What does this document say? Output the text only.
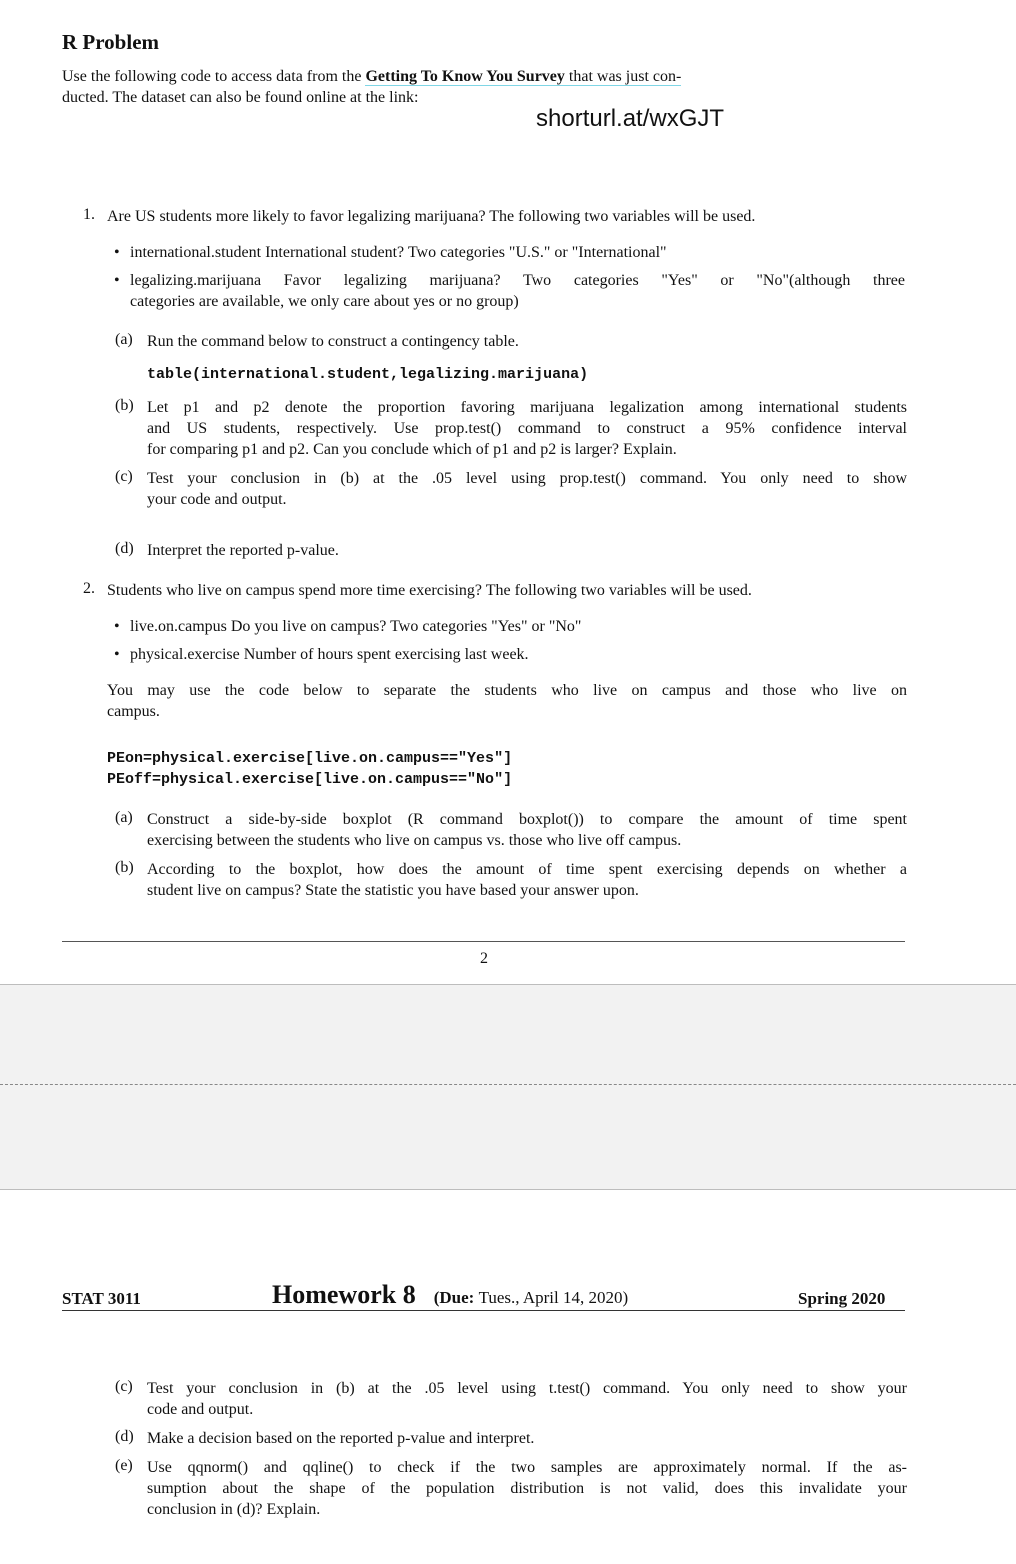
R Problem
Use the following code to access data from the Getting To Know You Survey that was just con-
ducted. The dataset can also be found online at the link:
shorturl.at/wxGJT
1. Are US students more likely to favor legalizing marijuana? The following two variables will be used.
• international.student International student? Two categories "U.S." or "International"
• legalizing.marijuana Favor legalizing marijuana? Two categories "Yes" or "No"(although three
categories are available, we only care about yes or no group)
(a) Run the command below to construct a contingency table.
table(international.student,legalizing.marijuana)
(b) Let p1 and p2 denote the proportion favoring marijuana legalization among international students
and US students, respectively. Use prop.test() command to construct a 95% confidence interval
for comparing p1 and p2. Can you conclude which of p1 and p2 is larger? Explain.
(c) Test your conclusion in (b) at the .05 level using prop.test() command. You only need to show
your code and output.
(d) Interpret the reported p-value.
2. Students who live on campus spend more time exercising? The following two variables will be used.
• live.on.campus Do you live on campus? Two categories "Yes" or "No"
• physical.exercise Number of hours spent exercising last week.
You may use the code below to separate the students who live on campus and those who live on
campus.
PEon=physical.exercise[live.on.campus=="Yes"]
PEoff=physical.exercise[live.on.campus=="No"]
(a) Construct a side-by-side boxplot (R command boxplot()) to compare the amount of time spent
exercising between the students who live on campus vs. those who live off campus.
(b) According to the boxplot, how does the amount of time spent exercising depends on whether a
student live on campus? State the statistic you have based your answer upon.
2
STAT 3011	Homework 8 (Due: Tues., April 14, 2020)	Spring 2020
(c) Test your conclusion in (b) at the .05 level using t.test() command. You only need to show your
code and output.
(d) Make a decision based on the reported p-value and interpret.
(e) Use qqnorm() and qqline() to check if the two samples are approximately normal. If the as-
sumption about the shape of the population distribution is not valid, does this invalidate your
conclusion in (d)? Explain.
